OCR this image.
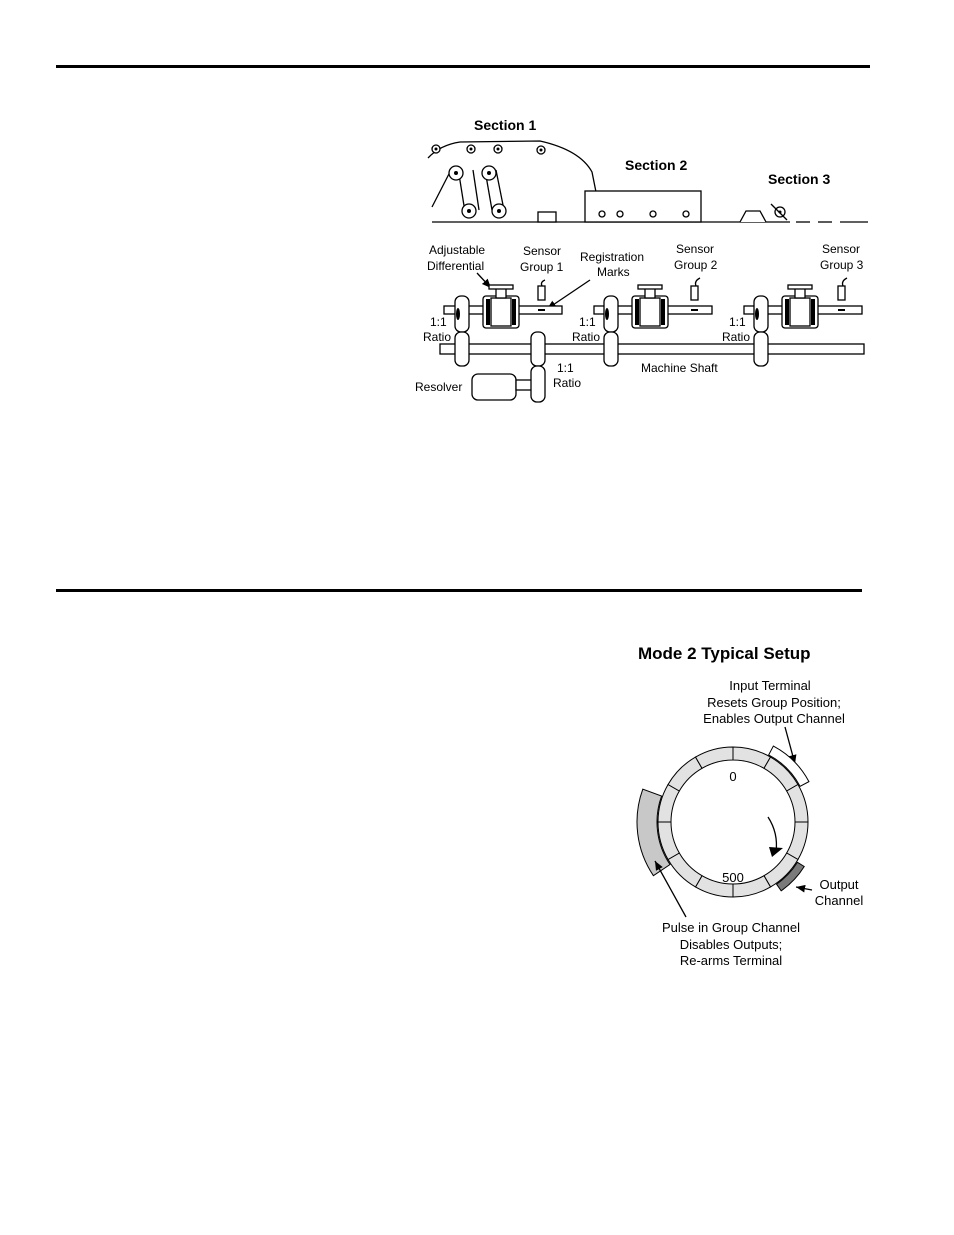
Section 1
Section 2
Section 3
Adjustable
Differential
Sensor
Group 1
Registration
Marks
Sensor
Group 2
Sensor
Group 3
1:1
Ratio
1:1
Ratio
1:1
Ratio
1:1
Ratio
Machine Shaft
Resolver
Mode 2 Typical Setup
Input Terminal
Resets Group Position;
Enables Output Channel
0
500	Output
Channel
Pulse in Group Channel
Disables Outputs;
Re-arms Terminal
